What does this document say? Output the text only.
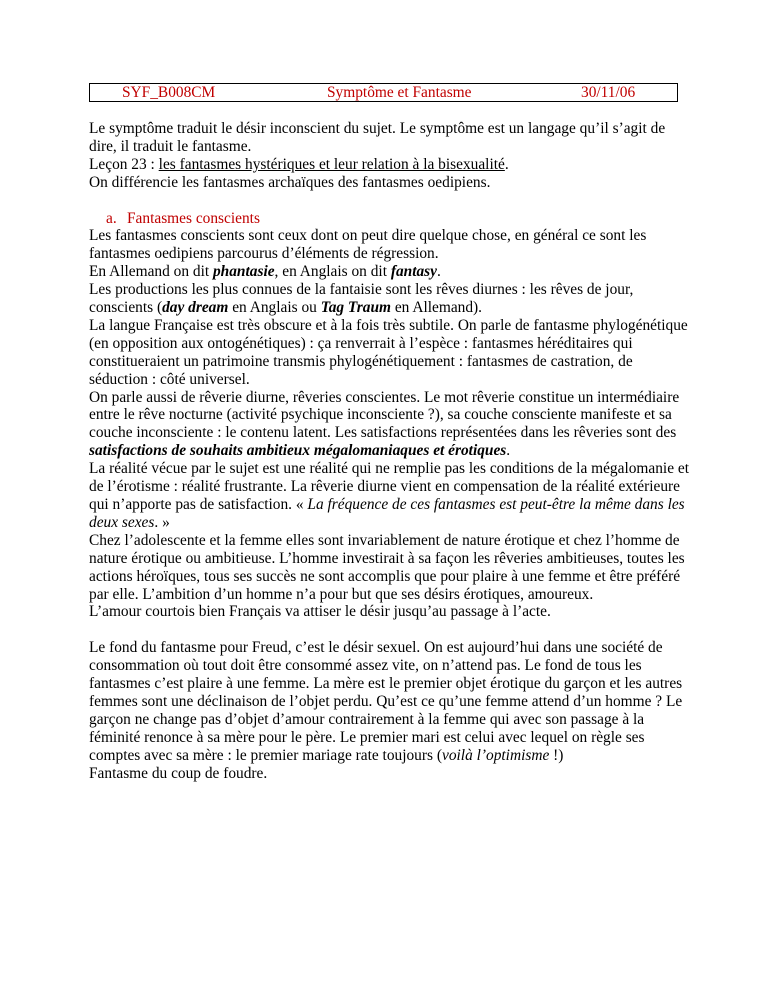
SYF_B008CM	Symptôme et Fantasme	30/11/06

Le symptôme traduit le désir inconscient du sujet. Le symptôme est un langage qu’il s’agit de dire, il traduit le fantasme.

Leçon 23 : les fantasmes hystériques et leur relation à la bisexualité.

On différencie les fantasmes archaïques des fantasmes oedipiens.

a. Fantasmes conscients

Les fantasmes conscients sont ceux dont on peut dire quelque chose, en général ce sont les fantasmes oedipiens parcourus d’éléments de régression.

En Allemand on dit phantasie, en Anglais on dit fantasy.

Les productions les plus connues de la fantaisie sont les rêves diurnes : les rêves de jour, conscients (day dream en Anglais ou Tag Traum en Allemand).

La langue Française est très obscure et à la fois très subtile. On parle de fantasme phylogénétique (en opposition aux ontogénétiques) : ça renverrait à l’espèce : fantasmes héréditaires qui constitueraient un patrimoine transmis phylogénétiquement : fantasmes de castration, de séduction : côté universel.

On parle aussi de rêverie diurne, rêveries conscientes. Le mot rêverie constitue un intermédiaire entre le rêve nocturne (activité psychique inconsciente ?), sa couche consciente manifeste et sa couche inconsciente : le contenu latent. Les satisfactions représentées dans les rêveries sont des satisfactions de souhaits ambitieux mégalomaniaques et érotiques.

La réalité vécue par le sujet est une réalité qui ne remplie pas les conditions de la mégalomanie et de l’érotisme : réalité frustrante. La rêverie diurne vient en compensation de la réalité extérieure qui n’apporte pas de satisfaction. « La fréquence de ces fantasmes est peut-être la même dans les deux sexes. »

Chez l’adolescente et la femme elles sont invariablement de nature érotique et chez l’homme de nature érotique ou ambitieuse. L’homme investirait à sa façon les rêveries ambitieuses, toutes les actions héroïques, tous ses succès ne sont accomplis que pour plaire à une femme et être préféré par elle. L’ambition d’un homme n’a pour but que ses désirs érotiques, amoureux.

L’amour courtois bien Français va attiser le désir jusqu’au passage à l’acte.

Le fond du fantasme pour Freud, c’est le désir sexuel. On est aujourd’hui dans une société de consommation où tout doit être consommé assez vite, on n’attend pas. Le fond de tous les fantasmes c’est plaire à une femme. La mère est le premier objet érotique du garçon et les autres femmes sont une déclinaison de l’objet perdu. Qu’est ce qu’une femme attend d’un homme ? Le garçon ne change pas d’objet d’amour contrairement à la femme qui avec son passage à la féminité renonce à sa mère pour le père. Le premier mari est celui avec lequel on règle ses comptes avec sa mère : le premier mariage rate toujours (voilà l’optimisme !)

Fantasme du coup de foudre.
